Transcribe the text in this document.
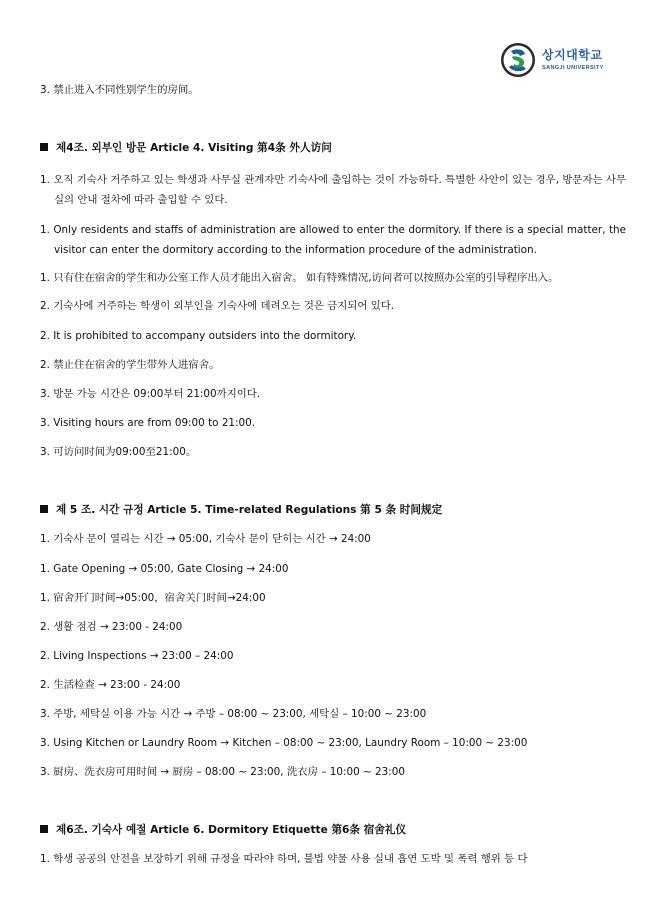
상지대학교
SANGJI UNIVERSITY
3. 禁止进入不同性别学生的房间。
제4조. 외부인 방문 Article 4. Visiting 第4条 外人访问
1. 오직 기숙사 거주하고 있는 학생과 사무실 관계자만 기숙사에 출입하는 것이 가능하다. 특별한 사안이 있는 경우, 방문자는 사무실의 안내 절차에 따라 출입할 수 있다.
1. Only residents and staffs of administration are allowed to enter the dormitory. If there is a special matter, the visitor can enter the dormitory according to the information procedure of the administration.
1. 只有住在宿舍的学生和办公室工作人员才能出入宿舍。 如有特殊情况,访问者可以按照办公室的引导程序出入。
2. 기숙사에 거주하는 학생이 외부인을 기숙사에 데려오는 것은 금지되어 있다.
2. It is prohibited to accompany outsiders into the dormitory.
2. 禁止住在宿舍的学生带外人进宿舍。
3. 방문 가능 시간은 09:00부터 21:00까지이다.
3. Visiting hours are from 09:00 to 21:00.
3. 可访问时间为09:00至21:00。
제 5 조. 시간 규정 Article 5. Time-related Regulations 第 5 条 时间规定
1. 기숙사 문이 열리는 시간 → 05:00, 기숙사 문이 닫히는 시간 → 24:00
1. Gate Opening → 05:00, Gate Closing → 24:00
1. 宿舍开门时间→05:00，宿舍关门时间→24:00
2. 생활 점검 → 23:00 - 24:00
2. Living Inspections → 23:00 – 24:00
2. 生活检查 → 23:00 - 24:00
3. 주방, 세탁실 이용 가능 시간 → 주방 – 08:00 ~ 23:00, 세탁실 – 10:00 ~ 23:00
3. Using Kitchen or Laundry Room → Kitchen – 08:00 ~ 23:00, Laundry Room – 10:00 ~ 23:00
3. 厨房、洗衣房可用时间 → 厨房 – 08:00 ~ 23:00, 洗衣房 – 10:00 ~ 23:00
제6조. 기숙사 예절 Article 6. Dormitory Etiquette 第6条 宿舍礼仪
1. 학생 공공의 안전을 보장하기 위해 규정을 따라야 하며, 불법 약물 사용 실내 흡연 도박 및 폭력 행위 등 다
